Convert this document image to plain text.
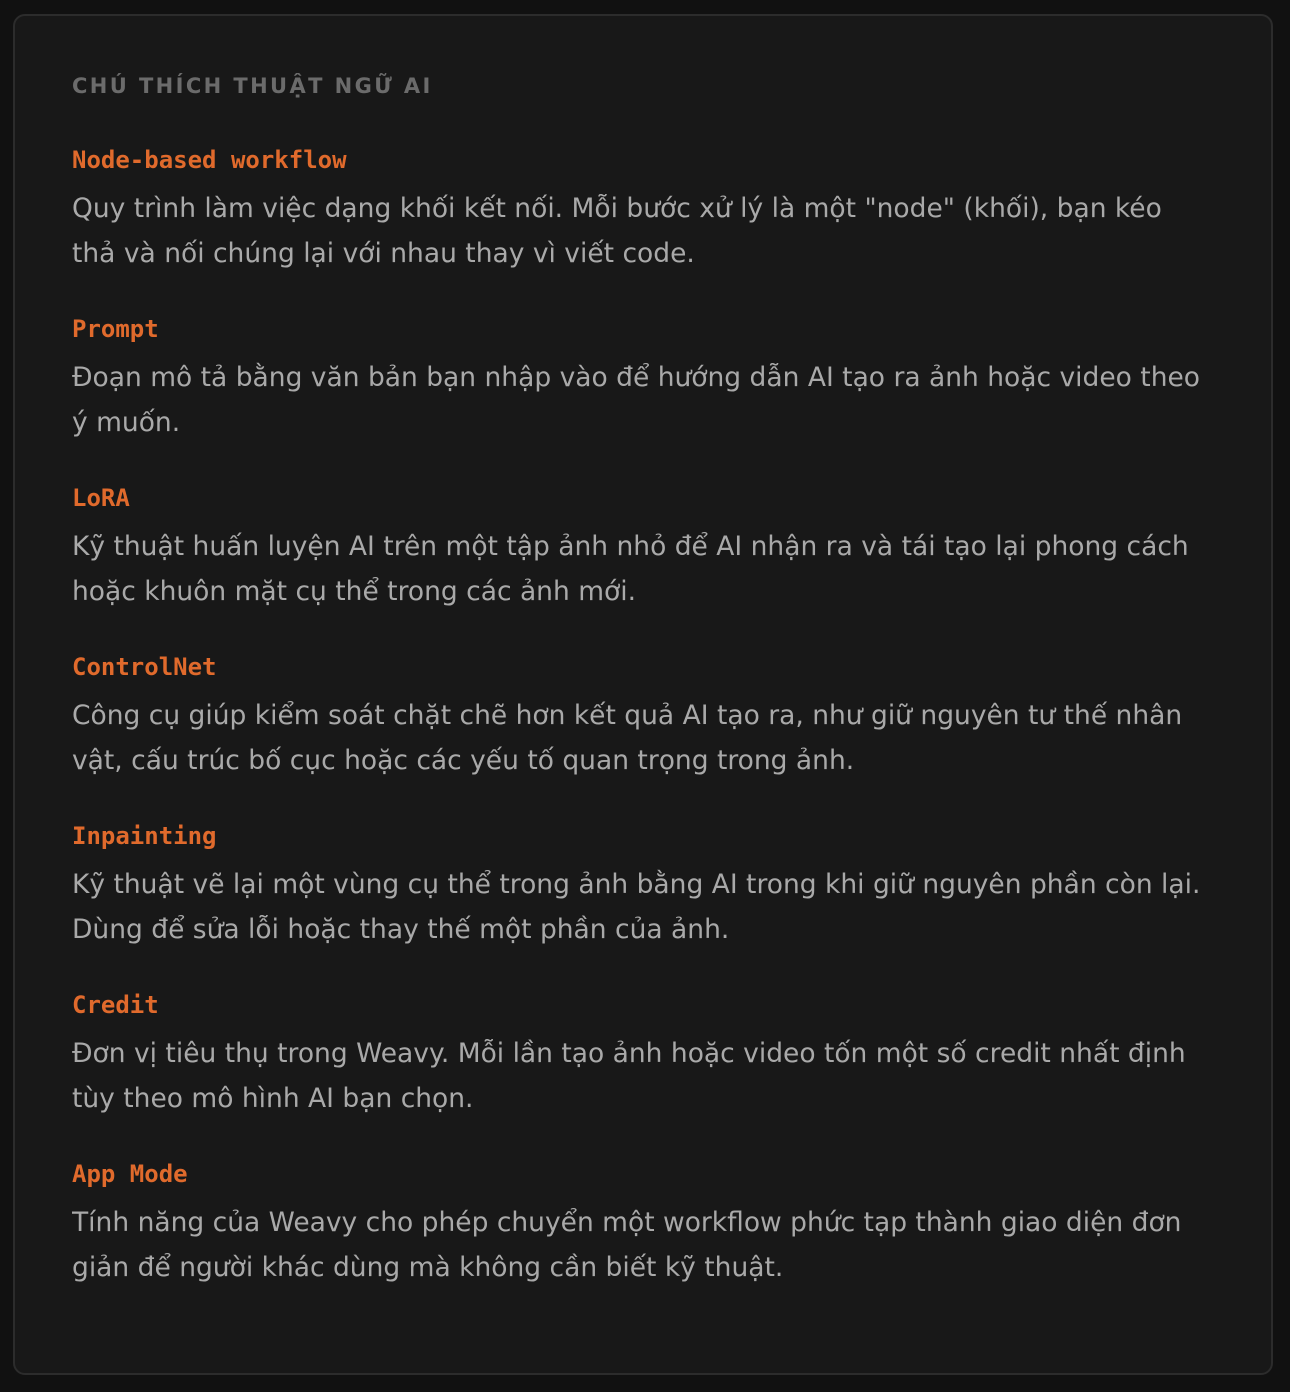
CHÚ THÍCH THUẬT NGỮ AI
Node-based workflow
Quy trình làm việc dạng khối kết nối. Mỗi bước xử lý là một "node" (khối), bạn kéo thả và nối chúng lại với nhau thay vì viết code.
Prompt
Đoạn mô tả bằng văn bản bạn nhập vào để hướng dẫn AI tạo ra ảnh hoặc video theo ý muốn.
LoRA
Kỹ thuật huấn luyện AI trên một tập ảnh nhỏ để AI nhận ra và tái tạo lại phong cách hoặc khuôn mặt cụ thể trong các ảnh mới.
ControlNet
Công cụ giúp kiểm soát chặt chẽ hơn kết quả AI tạo ra, như giữ nguyên tư thế nhân vật, cấu trúc bố cục hoặc các yếu tố quan trọng trong ảnh.
Inpainting
Kỹ thuật vẽ lại một vùng cụ thể trong ảnh bằng AI trong khi giữ nguyên phần còn lại. Dùng để sửa lỗi hoặc thay thế một phần của ảnh.
Credit
Đơn vị tiêu thụ trong Weavy. Mỗi lần tạo ảnh hoặc video tốn một số credit nhất định tùy theo mô hình AI bạn chọn.
App Mode
Tính năng của Weavy cho phép chuyển một workflow phức tạp thành giao diện đơn giản để người khác dùng mà không cần biết kỹ thuật.
